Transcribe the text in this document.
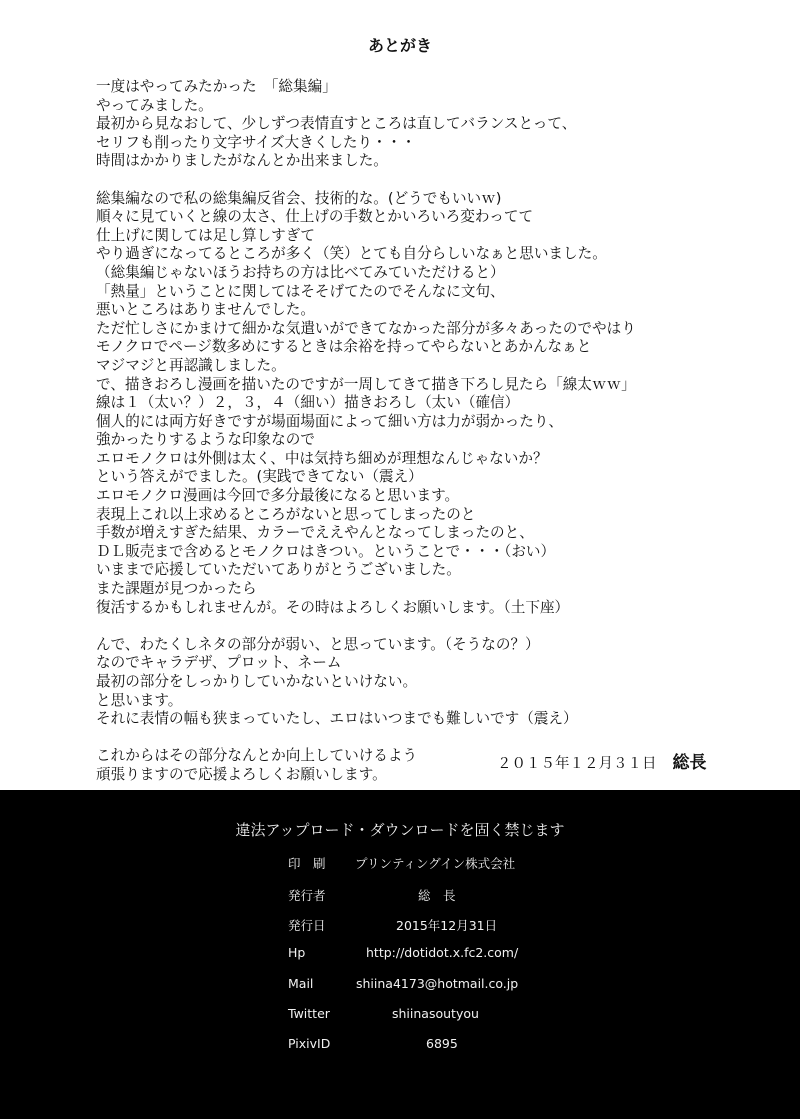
あとがき
一度はやってみたかった　「総集編」
やってみました。
最初から見なおして、少しずつ表情直すところは直してバランスとって、
セリフも削ったり文字サイズ大きくしたり・・・
時間はかかりましたがなんとか出来ました。
総集編なので私の総集編反省会、技術的な。(どうでもいいｗ)
順々に見ていくと線の太さ、仕上げの手数とかいろいろ変わってて
仕上げに関しては足し算しすぎて
やり過ぎになってるところが多く（笑）とても自分らしいなぁと思いました。
（総集編じゃないほうお持ちの方は比べてみていただけると）
「熱量」ということに関してはそそげてたのでそんなに文句、
悪いところはありませんでした。
ただ忙しさにかまけて細かな気遣いができてなかった部分が多々あったのでやはり
モノクロでページ数多めにするときは余裕を持ってやらないとあかんなぁと
マジマジと再認識しました。
で、描きおろし漫画を描いたのですが一周してきて描き下ろし見たら「線太ｗｗ」
線は１（太い？）２，３，４（細い）描きおろし（太い（確信）
個人的には両方好きですが場面場面によって細い方は力が弱かったり、
強かったりするような印象なので
エロモノクロは外側は太く、中は気持ち細めが理想なんじゃないか？
という答えがでました。(実践できてない（震え）
エロモノクロ漫画は今回で多分最後になると思います。
表現上これ以上求めるところがないと思ってしまったのと
手数が増えすぎた結果、カラーでええやんとなってしまったのと、
ＤＬ販売まで含めるとモノクロはきつい。ということで・・・（おい）
いままで応援していただいてありがとうございました。
また課題が見つかったら
復活するかもしれませんが。その時はよろしくお願いします。（土下座）
んで、わたくしネタの部分が弱い、と思っています。（そうなの？）
なのでキャラデザ、プロット、ネーム
最初の部分をしっかりしていかないといけない。
と思います。
それに表情の幅も狭まっていたし、エロはいつまでも難しいです（震え）
これからはその部分なんとか向上していけるよう
頑張りますので応援よろしくお願いします。
２０１５年１２月３１日 総長
違法アップロード・ダウンロードを固く禁じます
印　刷 プリンティングイン株式会社
発行者	総　長
発行日	2015年12月31日
Hp	http://dotidot.x.fc2.com/
Mail	shiina4173@hotmail.co.jp
Twitter	shiinasoutyou
PixivID	6895
